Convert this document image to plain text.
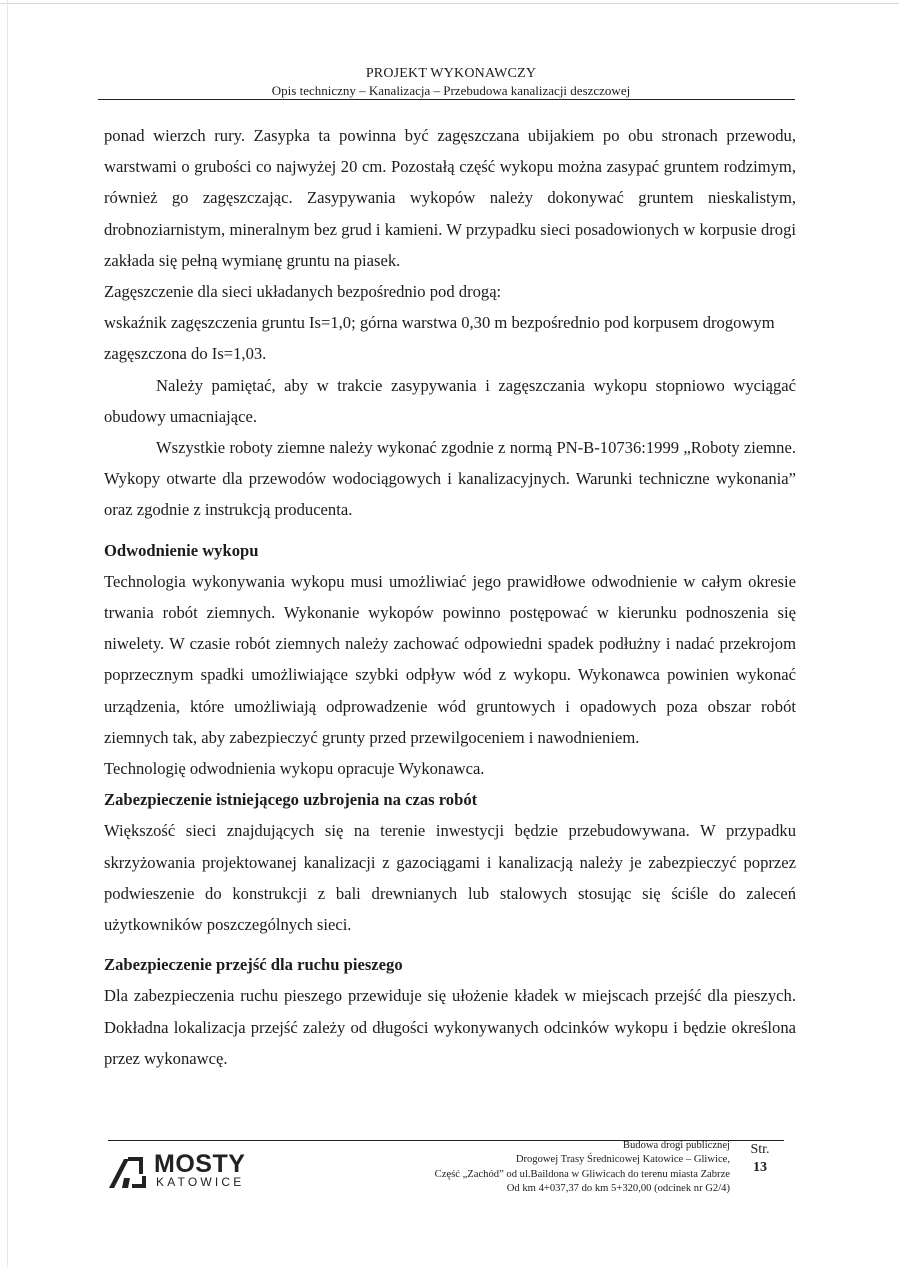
PROJEKT WYKONAWCZY
Opis techniczny – Kanalizacja – Przebudowa kanalizacji deszczowej

ponad wierzch rury. Zasypka ta powinna być zagęszczana ubijakiem po obu stronach przewodu, warstwami o grubości co najwyżej 20 cm. Pozostałą część wykopu można zasypać gruntem rodzimym, również go zagęszczając. Zasypywania wykopów należy dokonywać gruntem nieskalistym, drobnoziarnistym, mineralnym bez grud i kamieni. W przypadku sieci posadowionych w korpusie drogi zakłada się pełną wymianę gruntu na piasek.

Zagęszczenie dla sieci układanych bezpośrednio pod drogą:

wskaźnik zagęszczenia gruntu Is=1,0; górna warstwa 0,30 m bezpośrednio pod korpusem drogowym zagęszczona do Is=1,03.

Należy pamiętać, aby w trakcie zasypywania i zagęszczania wykopu stopniowo wyciągać obudowy umacniające.

Wszystkie roboty ziemne należy wykonać zgodnie z normą PN-B-10736:1999 „Roboty ziemne. Wykopy otwarte dla przewodów wodociągowych i kanalizacyjnych. Warunki techniczne wykonania” oraz zgodnie z instrukcją producenta.

Odwodnienie wykopu

Technologia wykonywania wykopu musi umożliwiać jego prawidłowe odwodnienie w całym okresie trwania robót ziemnych. Wykonanie wykopów powinno postępować w kierunku podnoszenia się niwelety. W czasie robót ziemnych należy zachować odpowiedni spadek podłużny i nadać przekrojom poprzecznym spadki umożliwiające szybki odpływ wód z wykopu. Wykonawca powinien wykonać urządzenia, które umożliwiają odprowadzenie wód gruntowych i opadowych poza obszar robót ziemnych tak, aby zabezpieczyć grunty przed przewilgoceniem i nawodnieniem.

Technologię odwodnienia wykopu opracuje Wykonawca.

Zabezpieczenie istniejącego uzbrojenia na czas robót

Większość sieci znajdujących się na terenie inwestycji będzie przebudowywana. W przypadku skrzyżowania projektowanej kanalizacji z gazociągami i kanalizacją należy je zabezpieczyć poprzez podwieszenie do konstrukcji z bali drewnianych lub stalowych stosując się ściśle do zaleceń użytkowników poszczególnych sieci.

Zabezpieczenie przejść dla ruchu pieszego

Dla zabezpieczenia ruchu pieszego przewiduje się ułożenie kładek w miejscach przejść dla pieszych. Dokładna lokalizacja przejść zależy od długości wykonywanych odcinków wykopu i będzie określona przez wykonawcę.

MOSTY
KATOWICE
Budowa drogi publicznej
Drogowej Trasy Średnicowej Katowice – Gliwice,
Część „Zachód” od ul.Baildona w Gliwicach do terenu miasta Zabrze
Od km 4+037,37 do km 5+320,00 (odcinek nr G2/4)
Str.
13
